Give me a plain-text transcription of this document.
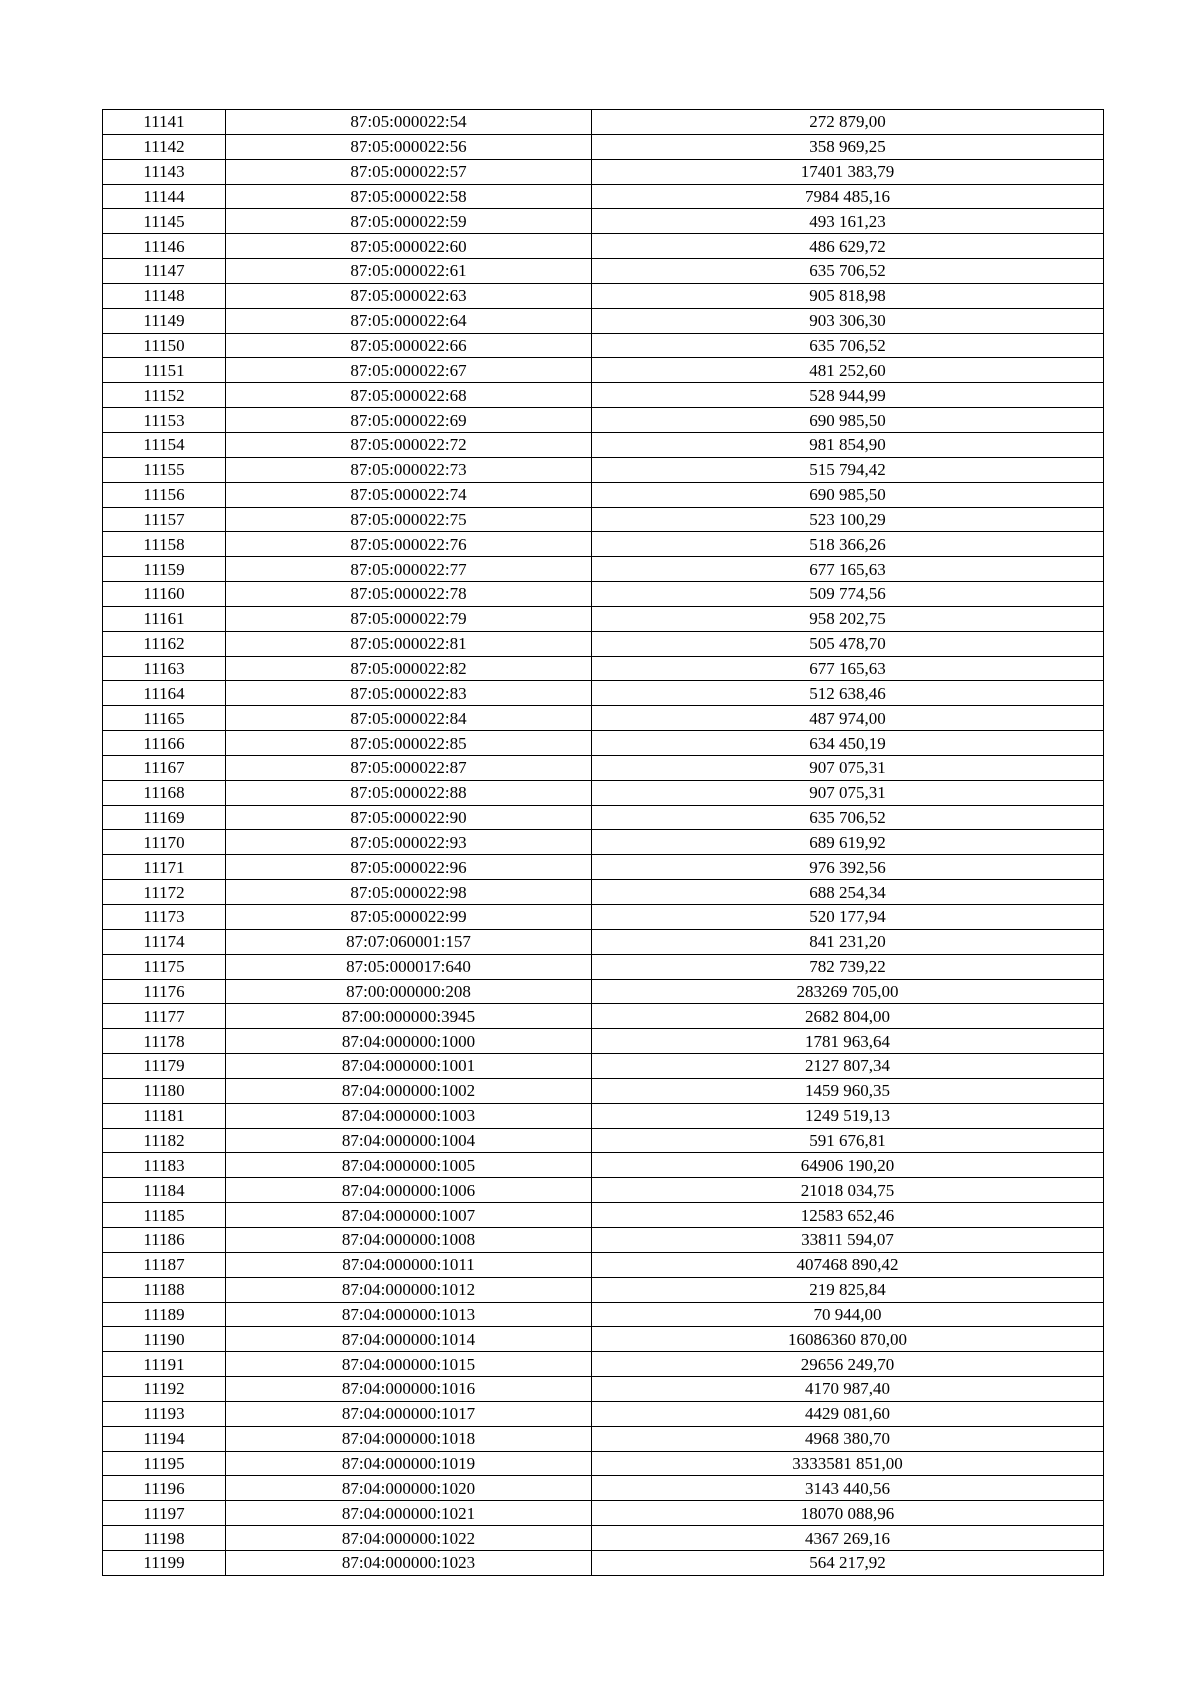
11141	87:05:000022:54	272 879,00
11142	87:05:000022:56	358 969,25
11143	87:05:000022:57	17401 383,79
11144	87:05:000022:58	7984 485,16
11145	87:05:000022:59	493 161,23
11146	87:05:000022:60	486 629,72
11147	87:05:000022:61	635 706,52
11148	87:05:000022:63	905 818,98
11149	87:05:000022:64	903 306,30
11150	87:05:000022:66	635 706,52
11151	87:05:000022:67	481 252,60
11152	87:05:000022:68	528 944,99
11153	87:05:000022:69	690 985,50
11154	87:05:000022:72	981 854,90
11155	87:05:000022:73	515 794,42
11156	87:05:000022:74	690 985,50
11157	87:05:000022:75	523 100,29
11158	87:05:000022:76	518 366,26
11159	87:05:000022:77	677 165,63
11160	87:05:000022:78	509 774,56
11161	87:05:000022:79	958 202,75
11162	87:05:000022:81	505 478,70
11163	87:05:000022:82	677 165,63
11164	87:05:000022:83	512 638,46
11165	87:05:000022:84	487 974,00
11166	87:05:000022:85	634 450,19
11167	87:05:000022:87	907 075,31
11168	87:05:000022:88	907 075,31
11169	87:05:000022:90	635 706,52
11170	87:05:000022:93	689 619,92
11171	87:05:000022:96	976 392,56
11172	87:05:000022:98	688 254,34
11173	87:05:000022:99	520 177,94
11174	87:07:060001:157	841 231,20
11175	87:05:000017:640	782 739,22
11176	87:00:000000:208	283269 705,00
11177	87:00:000000:3945	2682 804,00
11178	87:04:000000:1000	1781 963,64
11179	87:04:000000:1001	2127 807,34
11180	87:04:000000:1002	1459 960,35
11181	87:04:000000:1003	1249 519,13
11182	87:04:000000:1004	591 676,81
11183	87:04:000000:1005	64906 190,20
11184	87:04:000000:1006	21018 034,75
11185	87:04:000000:1007	12583 652,46
11186	87:04:000000:1008	33811 594,07
11187	87:04:000000:1011	407468 890,42
11188	87:04:000000:1012	219 825,84
11189	87:04:000000:1013	70 944,00
11190	87:04:000000:1014	16086360 870,00
11191	87:04:000000:1015	29656 249,70
11192	87:04:000000:1016	4170 987,40
11193	87:04:000000:1017	4429 081,60
11194	87:04:000000:1018	4968 380,70
11195	87:04:000000:1019	3333581 851,00
11196	87:04:000000:1020	3143 440,56
11197	87:04:000000:1021	18070 088,96
11198	87:04:000000:1022	4367 269,16
11199	87:04:000000:1023	564 217,92
